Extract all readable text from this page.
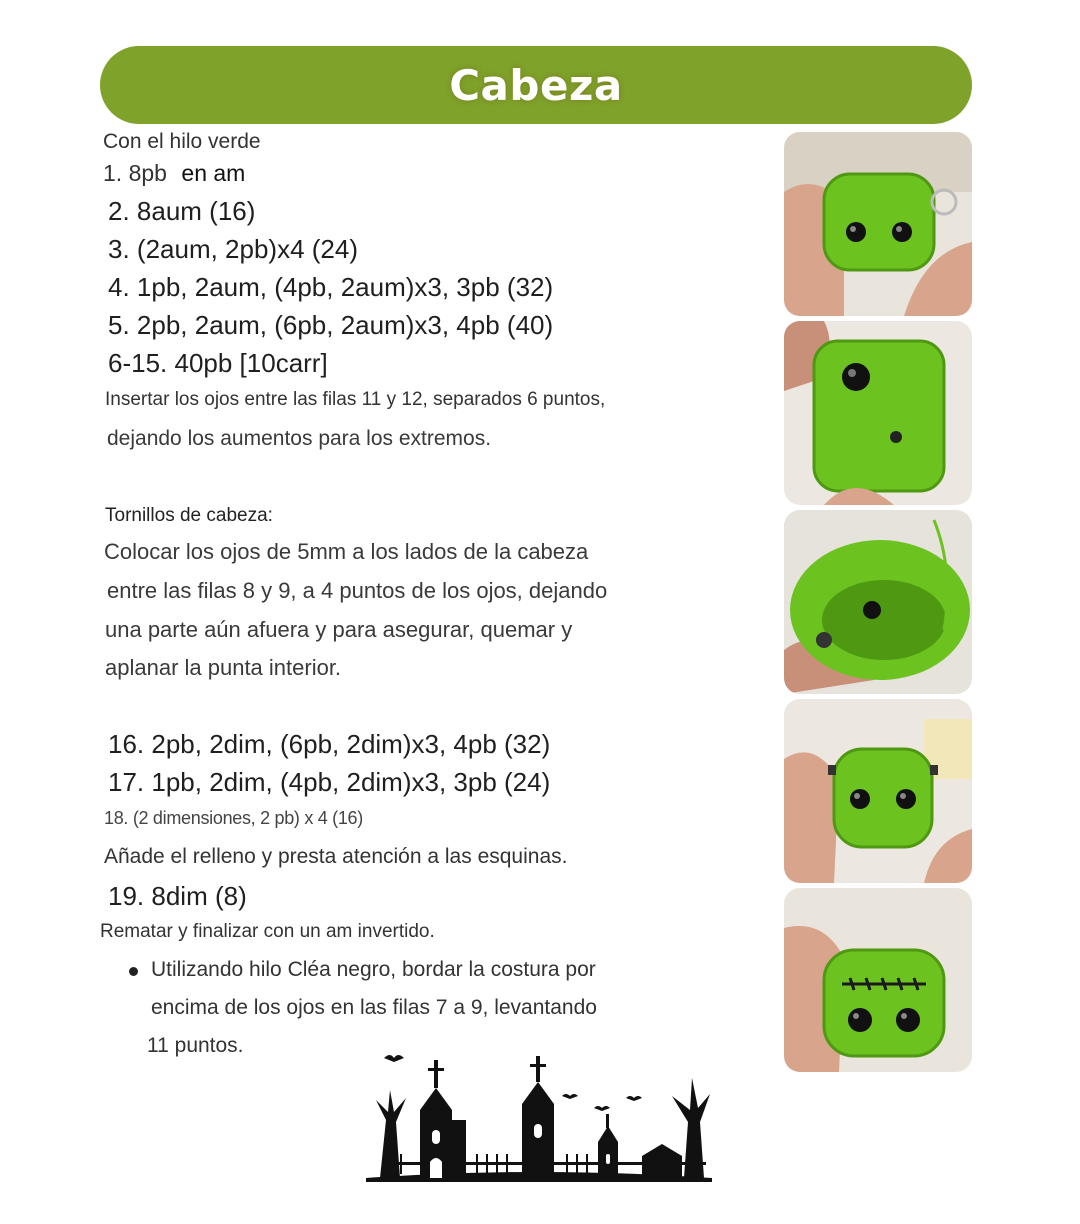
Cabeza
Con el hilo verde
1. 8pb en am
2. 8aum (16)
3. (2aum, 2pb)x4 (24)
4. 1pb, 2aum, (4pb, 2aum)x3, 3pb (32)
5. 2pb, 2aum, (6pb, 2aum)x3, 4pb (40)
6-15. 40pb [10carr]
Insertar los ojos entre las filas 11 y 12, separados 6 puntos,
dejando los aumentos para los extremos.
Tornillos de cabeza:
Colocar los ojos de 5mm a los lados de la cabeza
entre las filas 8 y 9, a 4 puntos de los ojos, dejando
una parte aún afuera y para asegurar, quemar y
aplanar la punta interior.
16. 2pb, 2dim, (6pb, 2dim)x3, 4pb (32)
17. 1pb, 2dim, (4pb, 2dim)x3, 3pb (24)
18. (2 dimensiones, 2 pb) x 4 (16)
Añade el relleno y presta atención a las esquinas.
19. 8dim (8)
Rematar y finalizar con un am invertido.
Utilizando hilo Cléa negro, bordar la costura por
encima de los ojos en las filas 7 a 9, levantando
11 puntos.
